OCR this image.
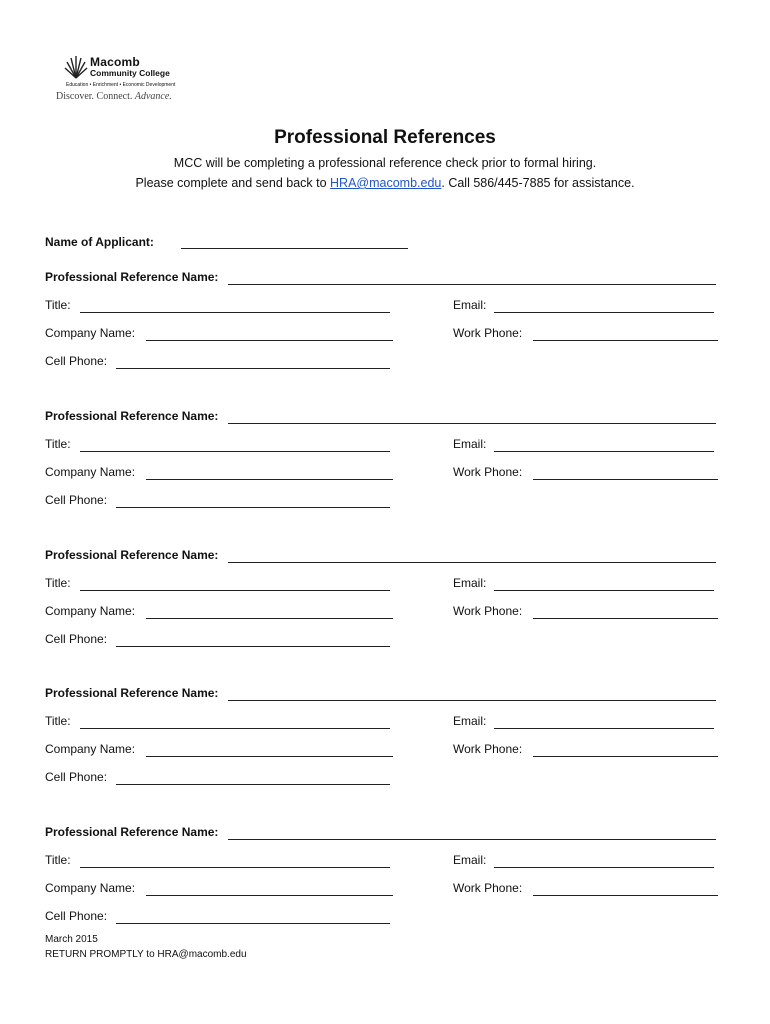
Macomb
Community College
Education • Enrichment • Economic Development
Discover. Connect. Advance.
Professional References
MCC will be completing a professional reference check prior to formal hiring.
Please complete and send back to HRA@macomb.edu. Call 586/445-7885 for assistance.
Name of Applicant:
Professional Reference Name:
Title:	Email:
Company Name:	Work Phone:
Cell Phone:
Professional Reference Name:
Title:	Email:
Company Name:	Work Phone:
Cell Phone:
Professional Reference Name:
Title:	Email:
Company Name:	Work Phone:
Cell Phone:
Professional Reference Name:
Title:	Email:
Company Name:	Work Phone:
Cell Phone:
Professional Reference Name:
Title:	Email:
Company Name:	Work Phone:
Cell Phone:
March 2015
RETURN PROMPTLY to HRA@macomb.edu
